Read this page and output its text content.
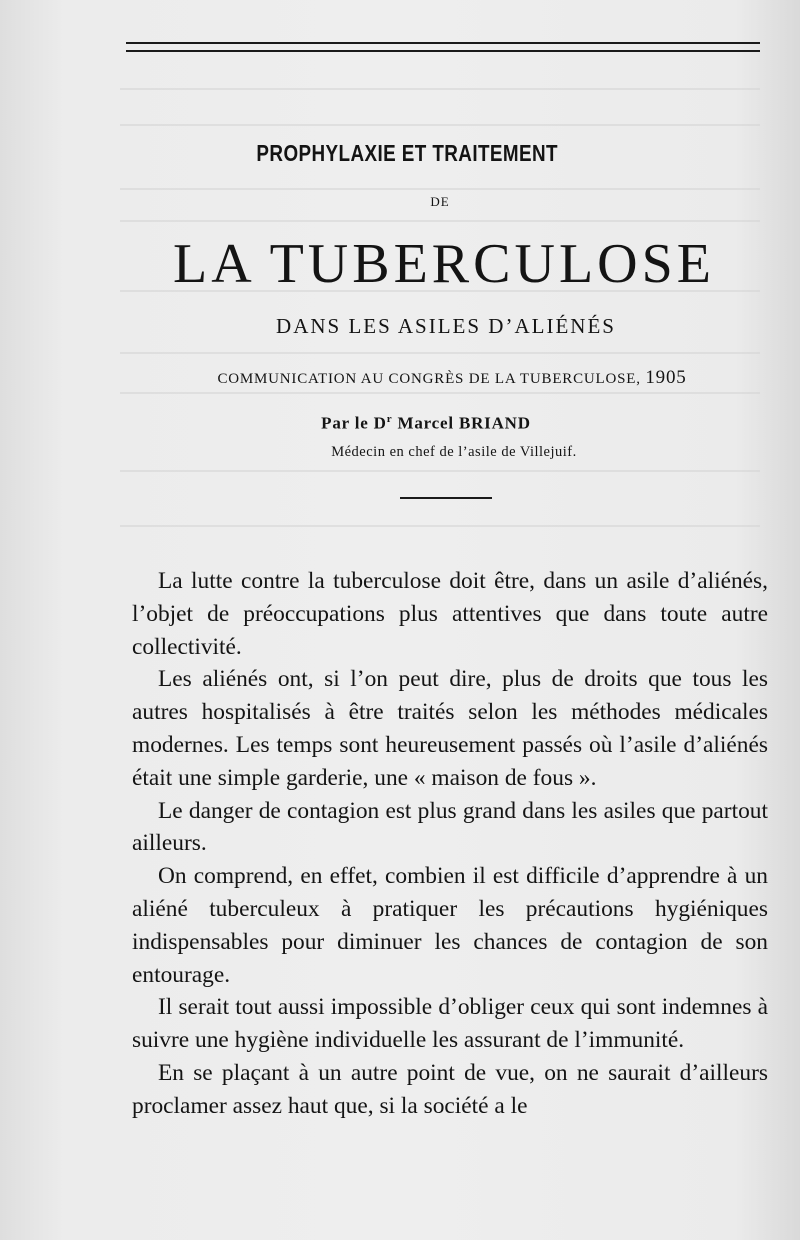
PROPHYLAXIE ET TRAITEMENT
DE
LA TUBERCULOSE
DANS LES ASILES D’ALIÉNÉS
COMMUNICATION AU CONGRÈS DE LA TUBERCULOSE, 1905
Par le $D^r$ Marcel BRIAND
Médecin en chef de l’asile de Villejuif.

La lutte contre la tuberculose doit être, dans un asile d’aliénés, l’objet de préoccupations plus attentives que dans toute autre collectivité.

Les aliénés ont, si l’on peut dire, plus de droits que tous les autres hospitalisés à être traités selon les méthodes médicales modernes. Les temps sont heureusement passés où l’asile d’aliénés était une simple garderie, une « maison de fous ».

Le danger de contagion est plus grand dans les asiles que partout ailleurs.

On comprend, en effet, combien il est difficile d’apprendre à un aliéné tuberculeux à pratiquer les précautions hygiéniques indispensables pour diminuer les chances de contagion de son entourage.

Il serait tout aussi impossible d’obliger ceux qui sont indemnes à suivre une hygiène individuelle les assurant de l’immunité.

En se plaçant à un autre point de vue, on ne saurait d’ailleurs proclamer assez haut que, si la société a le
